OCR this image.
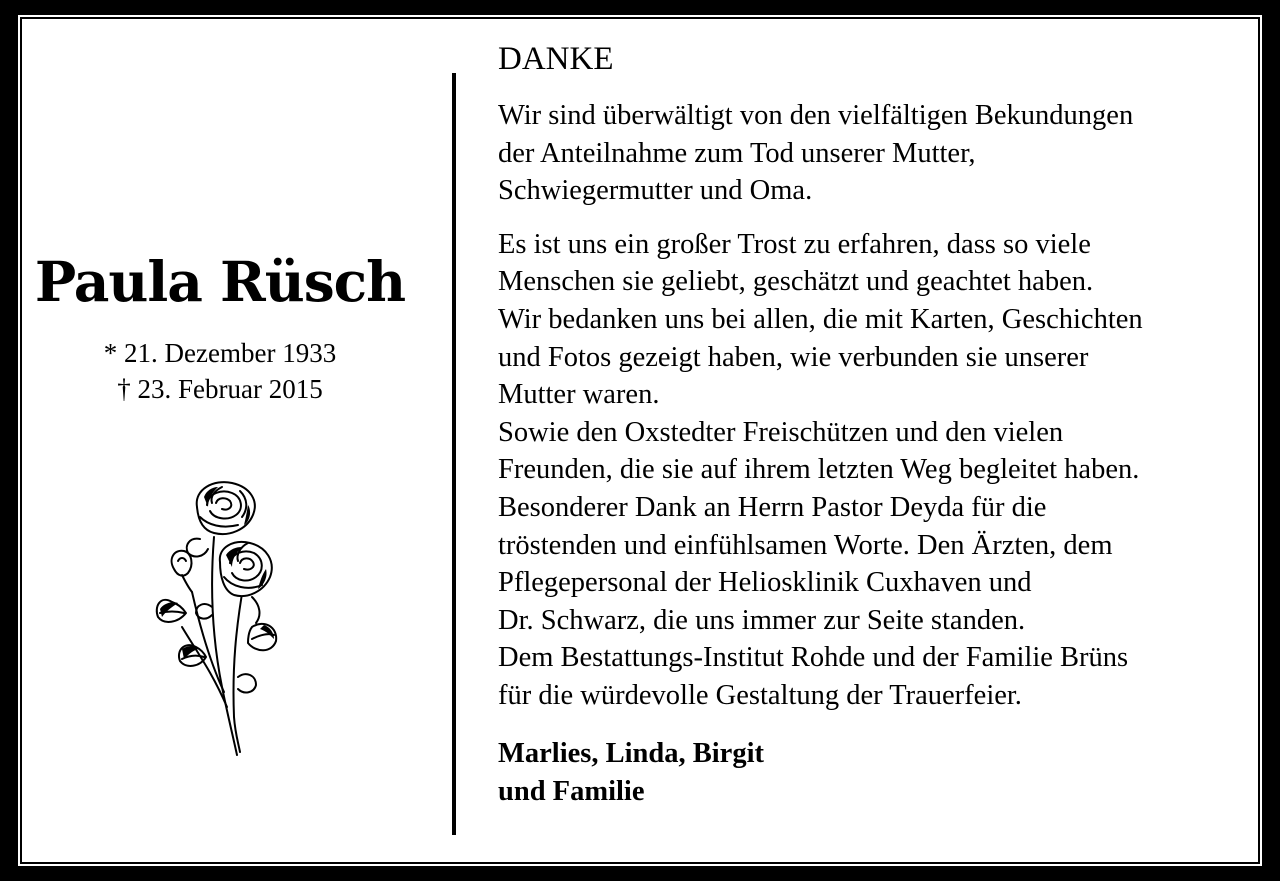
Paula Rüsch
* 21. Dezember 1933
† 23. Februar 2015
DANKE
Wir sind überwältigt von den vielfältigen Bekundungen
der Anteilnahme zum Tod unserer Mutter,
Schwiegermutter und Oma.
Es ist uns ein großer Trost zu erfahren, dass so viele
Menschen sie geliebt, geschätzt und geachtet haben.
Wir bedanken uns bei allen, die mit Karten, Geschichten
und Fotos gezeigt haben, wie verbunden sie unserer
Mutter waren.
Sowie den Oxstedter Freischützen und den vielen
Freunden, die sie auf ihrem letzten Weg begleitet haben.
Besonderer Dank an Herrn Pastor Deyda für die
tröstenden und einfühlsamen Worte. Den Ärzten, dem
Pflegepersonal der Heliosklinik Cuxhaven und
Dr. Schwarz, die uns immer zur Seite standen.
Dem Bestattungs-Institut Rohde und der Familie Brüns
für die würdevolle Gestaltung der Trauerfeier.
Marlies, Linda, Birgit
und Familie
